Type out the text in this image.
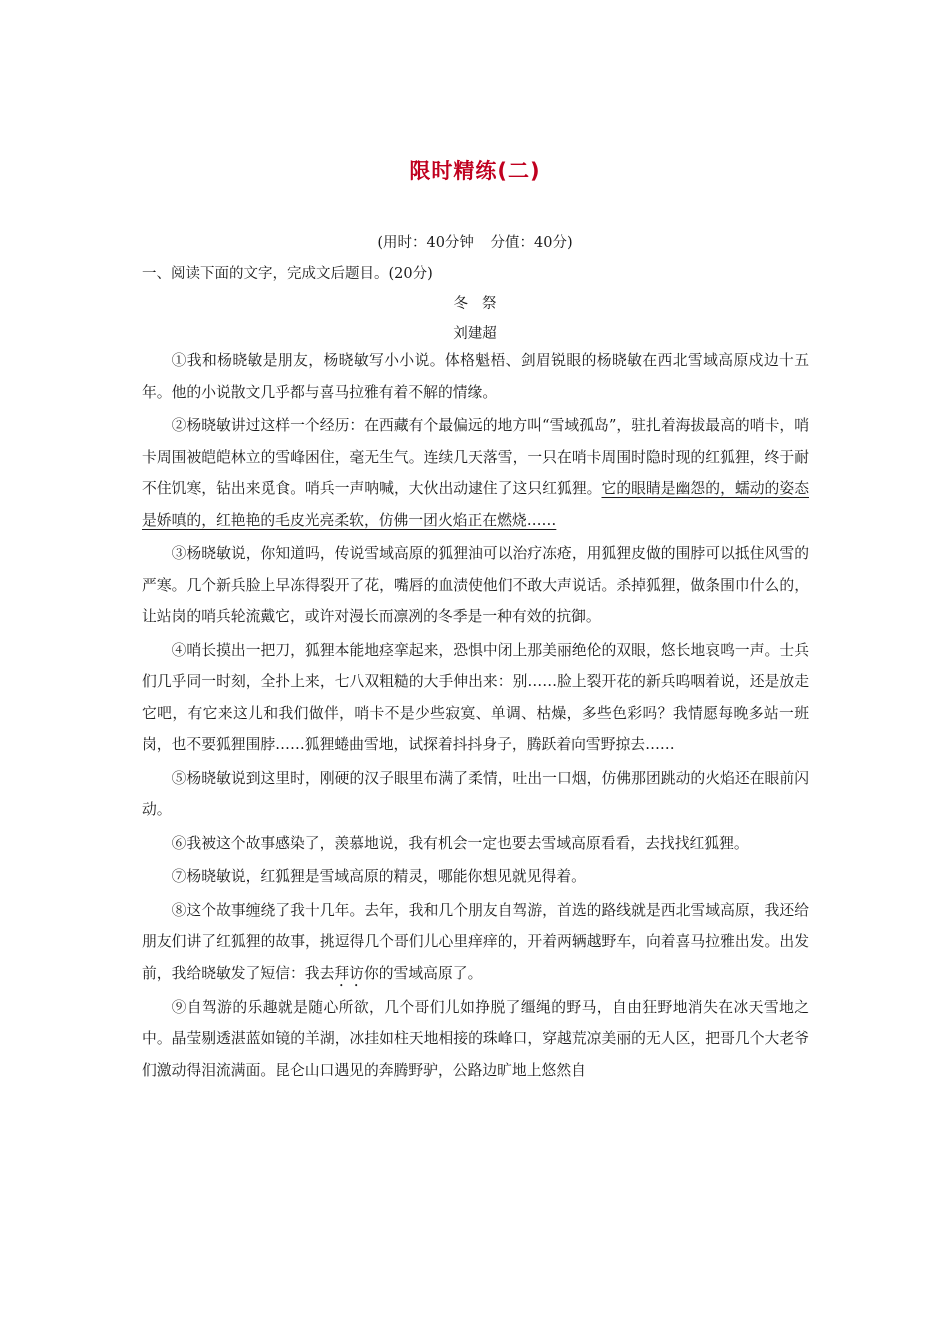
限时精练(二)
(用时：40分钟 分值：40分)
一、阅读下面的文字，完成文后题目。(20分)
冬祭
刘建超

①我和杨晓敏是朋友，杨晓敏写小小说。体格魁梧、剑眉锐眼的杨晓敏在西北雪域高原戍边十五年。他的小说散文几乎都与喜马拉雅有着不解的情缘。

②杨晓敏讲过这样一个经历：在西藏有个最偏远的地方叫“雪域孤岛”，驻扎着海拔最高的哨卡，哨卡周围被皑皑林立的雪峰困住，毫无生气。连续几天落雪，一只在哨卡周围时隐时现的红狐狸，终于耐不住饥寒，钻出来觅食。哨兵一声呐喊，大伙出动逮住了这只红狐狸。它的眼睛是幽怨的，蠕动的姿态是娇嗔的，红艳艳的毛皮光亮柔软，仿佛一团火焰正在燃烧……

③杨晓敏说，你知道吗，传说雪域高原的狐狸油可以治疗冻疮，用狐狸皮做的围脖可以抵住风雪的严寒。几个新兵脸上早冻得裂开了花，嘴唇的血渍使他们不敢大声说话。杀掉狐狸，做条围巾什么的，让站岗的哨兵轮流戴它，或许对漫长而凛冽的冬季是一种有效的抗御。

④哨长摸出一把刀，狐狸本能地痉挛起来，恐惧中闭上那美丽绝伦的双眼，悠长地哀鸣一声。士兵们几乎同一时刻，全扑上来，七八双粗糙的大手伸出来：别……脸上裂开花的新兵呜咽着说，还是放走它吧，有它来这儿和我们做伴，哨卡不是少些寂寞、单调、枯燥，多些色彩吗？我情愿每晚多站一班岗，也不要狐狸围脖……狐狸蜷曲雪地，试探着抖抖身子，腾跃着向雪野掠去……

⑤杨晓敏说到这里时，刚硬的汉子眼里布满了柔情，吐出一口烟，仿佛那团跳动的火焰还在眼前闪动。

⑥我被这个故事感染了，羡慕地说，我有机会一定也要去雪域高原看看，去找找红狐狸。

⑦杨晓敏说，红狐狸是雪域高原的精灵，哪能你想见就见得着。

⑧这个故事缠绕了我十几年。去年，我和几个朋友自驾游，首选的路线就是西北雪域高原，我还给朋友们讲了红狐狸的故事，挑逗得几个哥们儿心里痒痒的，开着两辆越野车，向着喜马拉雅出发。出发前，我给晓敏发了短信：我去拜访你的雪域高原了。

⑨自驾游的乐趣就是随心所欲，几个哥们儿如挣脱了缰绳的野马，自由狂野地消失在冰天雪地之中。晶莹剔透湛蓝如镜的羊湖，冰挂如柱天地相接的珠峰口，穿越荒凉美丽的无人区，把哥几个大老爷们激动得泪流满面。昆仑山口遇见的奔腾野驴，公路边旷地上悠然自
